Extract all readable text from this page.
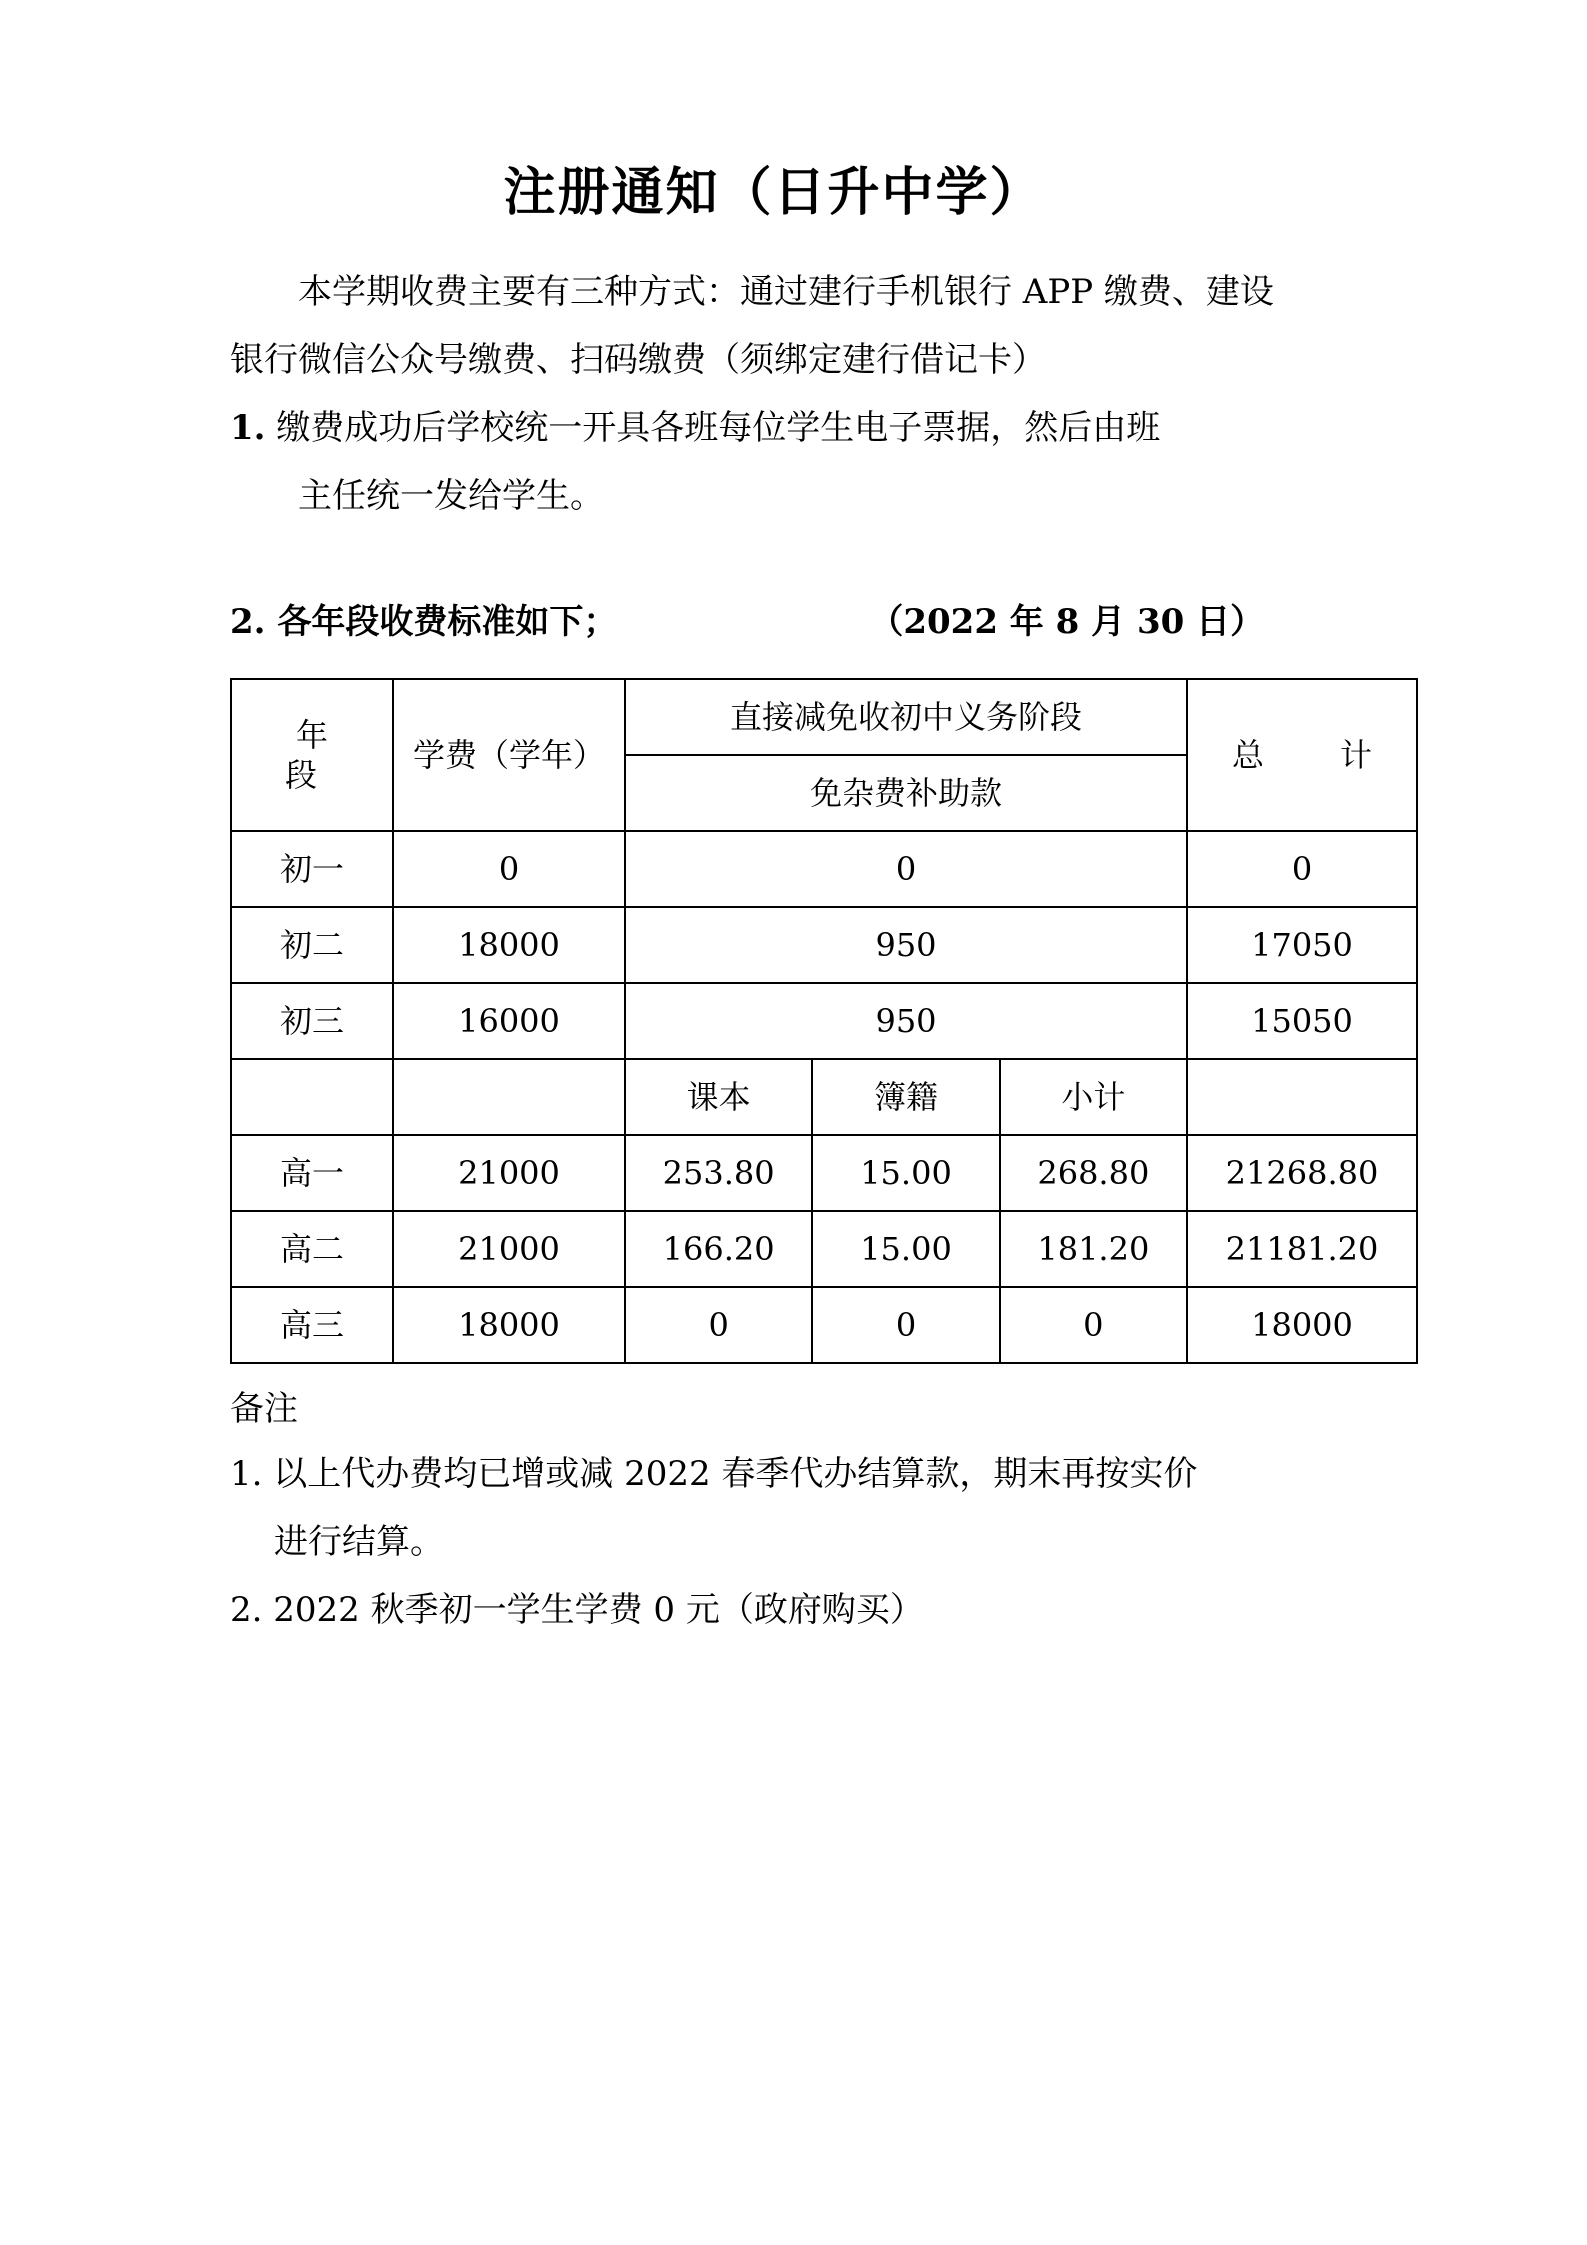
注册通知（日升中学）

本学期收费主要有三种方式：通过建行手机银行 APP 缴费、建设

银行微信公众号缴费、扫码缴费（须绑定建行借记卡）

1. 缴费成功后学校统一开具各班每位学生电子票据，然后由班

主任统一发给学生。

2. 各年段收费标准如下；	（2022 年 8 月 30 日）
年　段	学费（学年）	直接减免收初中义务阶段			总　计
		免杂费补助款			
初一	0	0			0
初二	18000	950			17050
初三	16000	950			15050
		课本	簿籍	小计	
高一	21000	253.80	15.00	268.80	21268.80
高二	21000	166.20	15.00	181.20	21181.20
高三	18000	0	0	0	18000

备注

1. 以上代办费均已增或减 2022 春季代办结算款，期末再按实价

进行结算。

2. 2022 秋季初一学生学费 0 元（政府购买）
